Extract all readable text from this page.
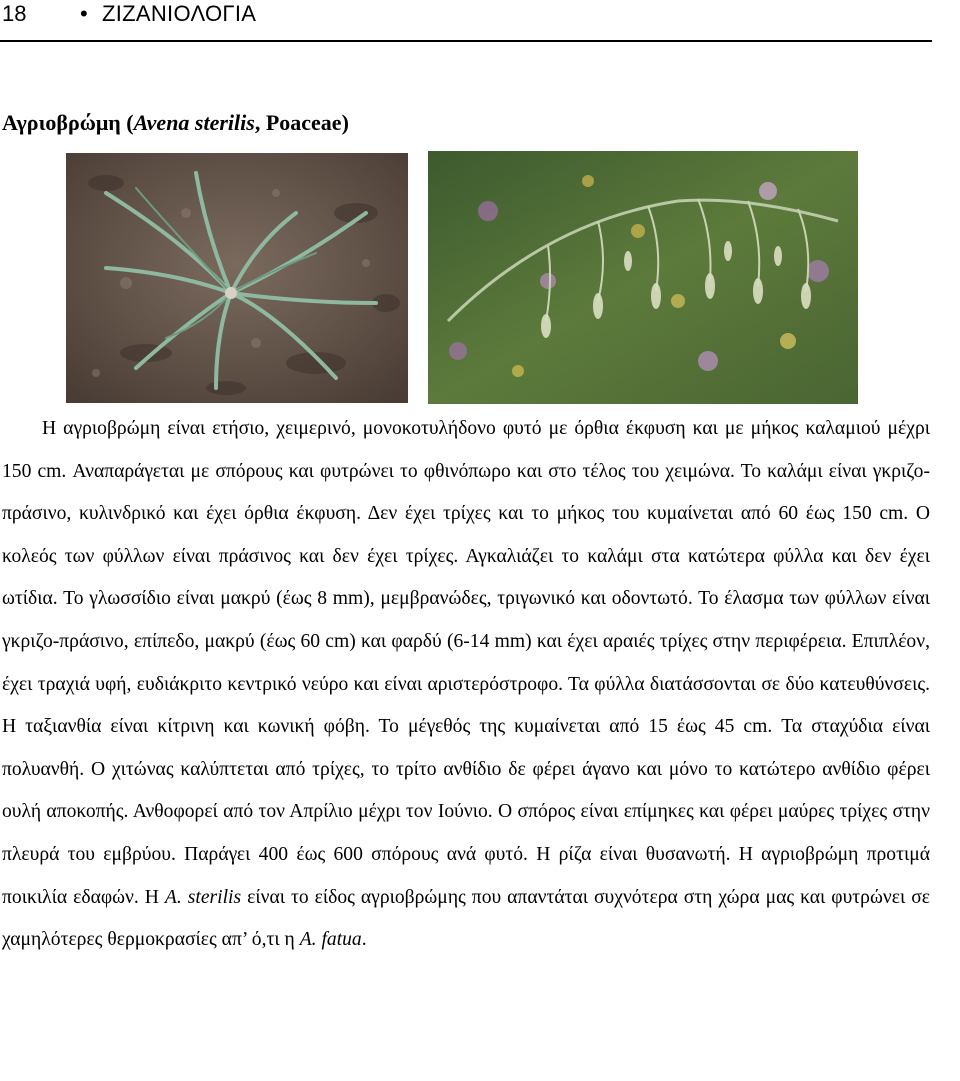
18 • ΖΙΖΑΝΙΟΛΟΓΙΑ
Αγριοβρώμη (Avena sterilis, Poaceae)

Η αγριοβρώμη είναι ετήσιο, χειμερινό, μονοκοτυλήδονο φυτό με όρθια έκφυση και με μήκος καλαμιού μέχρι 150 cm. Αναπαράγεται με σπόρους και φυτρώνει το φθινόπωρο και στο τέλος του χειμώνα. Το καλάμι είναι γκριζο-πράσινο, κυλινδρικό και έχει όρθια έκφυση. Δεν έχει τρίχες και το μήκος του κυμαίνεται από 60 έως 150 cm. Ο κολεός των φύλλων είναι πράσινος και δεν έχει τρίχες. Αγκαλιάζει το καλάμι στα κατώτερα φύλλα και δεν έχει ωτίδια. Το γλωσσίδιο είναι μακρύ (έως 8 mm), μεμβρανώδες, τριγωνικό και οδοντωτό. Το έλασμα των φύλλων είναι γκριζο-πράσινο, επίπεδο, μακρύ (έως 60 cm) και φαρδύ (6-14 mm) και έχει αραιές τρίχες στην περιφέρεια. Επιπλέον, έχει τραχιά υφή, ευδιάκριτο κεντρικό νεύρο και είναι αριστερόστροφο. Τα φύλλα διατάσσονται σε δύο κατευθύνσεις. Η ταξιανθία είναι κίτρινη και κωνική φόβη. Το μέγεθός της κυμαίνεται από 15 έως 45 cm. Τα σταχύδια είναι πολυανθή. Ο χιτώνας καλύπτεται από τρίχες, το τρίτο ανθίδιο δε φέρει άγανο και μόνο το κατώτερο ανθίδιο φέρει ουλή αποκοπής. Ανθοφορεί από τον Απρίλιο μέχρι τον Ιούνιο. Ο σπόρος είναι επίμηκες και φέρει μαύρες τρίχες στην πλευρά του εμβρύου. Παράγει 400 έως 600 σπόρους ανά φυτό. Η ρίζα είναι θυσανωτή. Η αγριοβρώμη προτιμά ποικιλία εδαφών. Η A. sterilis είναι το είδος αγριοβρώμης που απαντάται συχνότερα στη χώρα μας και φυτρώνει σε χαμηλότερες θερμοκρασίες απ’ ό,τι η A. fatua.
